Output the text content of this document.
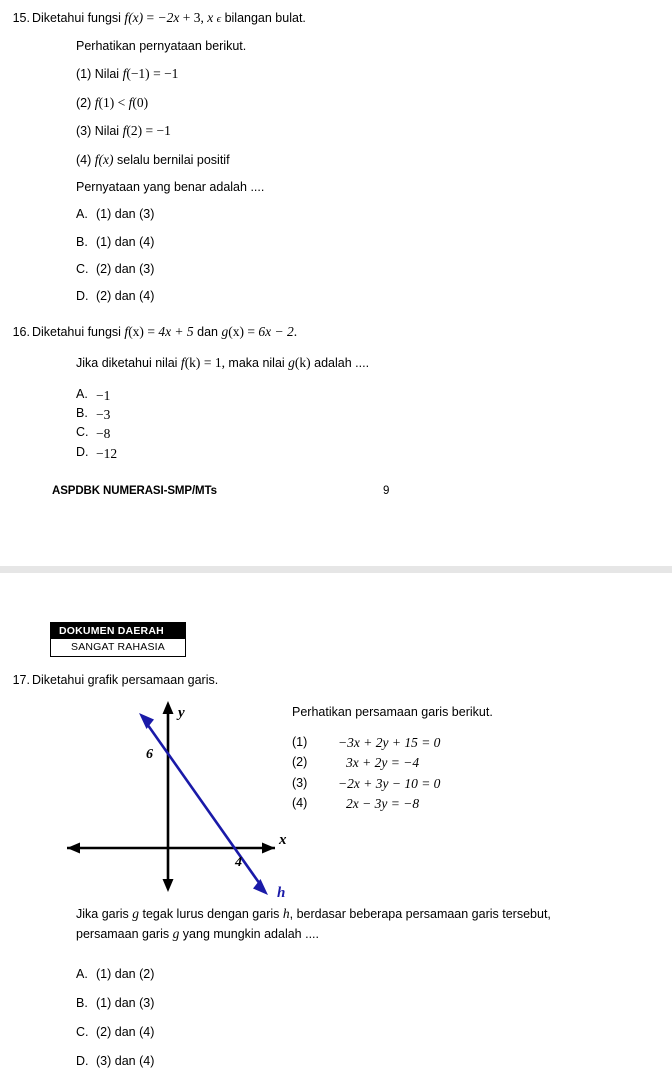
15. Diketahui fungsi f(x) = −2x + 3, x ϵ bilangan bulat.
Perhatikan pernyataan berikut.
(1) Nilai f(−1) = −1
(2) f(1) < f(0)
(3) Nilai f(2) = −1
(4) f(x) selalu bernilai positif
Pernyataan yang benar adalah ....
A. (1) dan (3)
B. (1) dan (4)
C. (2) dan (3)
D. (2) dan (4)
16. Diketahui fungsi f(x) = 4x + 5 dan g(x) = 6x − 2.
Jika diketahui nilai f(k) = 1, maka nilai g(k) adalah ....
A. −1
B. −3
C. −8
D. −12
ASPDBK NUMERASI-SMP/MTs	9
DOKUMEN DAERAH
SANGAT RAHASIA
17. Diketahui grafik persamaan garis.
y
x
h
6
4
Perhatikan persamaan garis berikut.
(1)	−3x + 2y + 15 = 0
(2)	3x + 2y = −4
(3)	−2x + 3y − 10 = 0
(4)	2x − 3y = −8
Jika garis g tegak lurus dengan garis h, berdasar beberapa persamaan garis tersebut,
persamaan garis g yang mungkin adalah ....
A. (1) dan (2)
B. (1) dan (3)
C. (2) dan (4)
D. (3) dan (4)
